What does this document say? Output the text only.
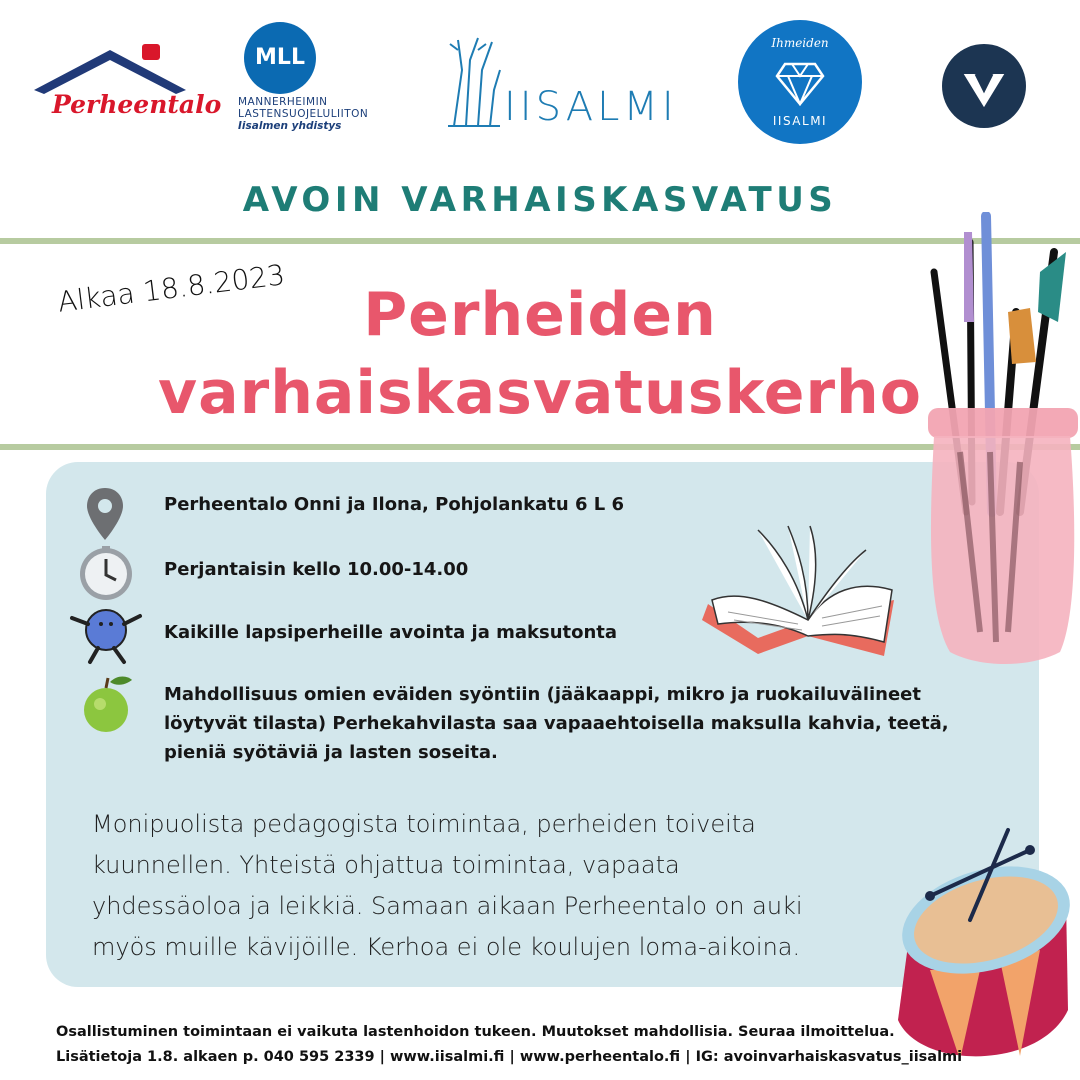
Perheentalo
MLL
MANNERHEIMIN
LASTENSUOJELULIITON
Iisalmen yhdistys	IISALMI
Ihmeiden
IISALMI
AVOIN VARHAISKASVATUS
Alkaa 18.8.2023	Perheiden
varhaiskasvatuskerho
Perheentalo Onni ja Ilona, Pohjolankatu 6 L 6
Perjantaisin kello 10.00-14.00
Kaikille lapsiperheille avointa ja maksutonta
Mahdollisuus omien eväiden syöntiin (jääkaappi, mikro ja ruokailuvälineet
löytyvät tilasta) Perhekahvilasta saa vapaaehtoisella maksulla kahvia, teetä,
pieniä syötäviä ja lasten soseita.
Monipuolista pedagogista toimintaa, perheiden toiveita
kuunnellen. Yhteistä ohjattua toimintaa, vapaata
yhdessäoloa ja leikkiä. Samaan aikaan Perheentalo on auki
myös muille kävijöille. Kerhoa ei ole koulujen loma-aikoina.
Osallistuminen toimintaan ei vaikuta lastenhoidon tukeen. Muutokset mahdollisia. Seuraa ilmoittelua.
Lisätietoja 1.8. alkaen p. 040 595 2339 | www.iisalmi.fi | www.perheentalo.fi | IG: avoinvarhaiskasvatus_iisalmi
